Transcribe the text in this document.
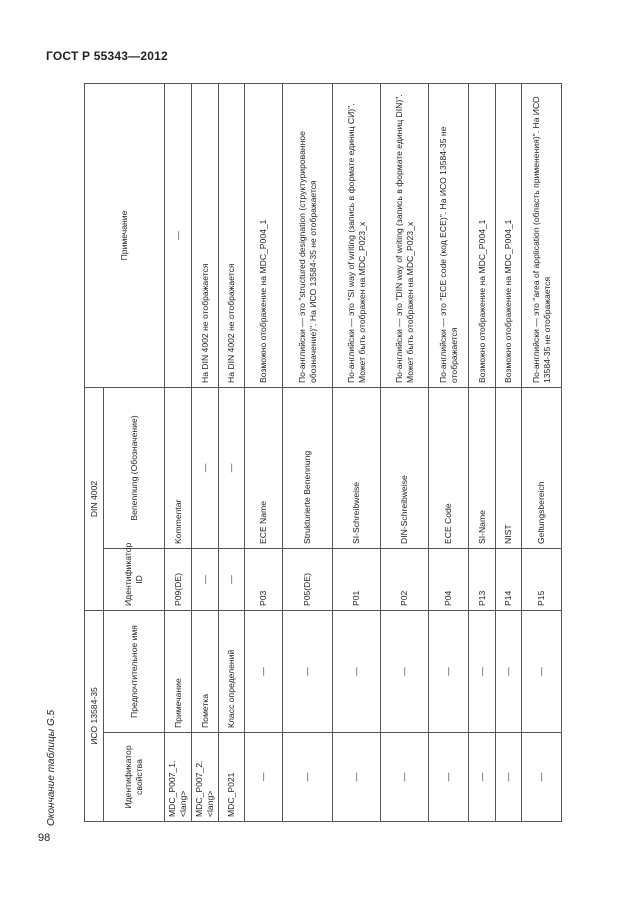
ГОСТ Р 55343—2012
Окончание таблицы G.5
98
ИСО 13584-35		DIN 4002		Примечание
Идентификатор свойства	Предпочтительное имя	Идентификатор ID	Benennung (Обозначение)	
MDC_P007_1.<lang>	Примечание	P09(DE)	Kommentar	—
MDC_P007_2.<lang>	Пометка	—	—	На DIN 4002 не отображается
MDC_P021	Класс определений	—	—	На DIN 4002 не отображается
—	—	P03	ECE Name	Возможно отображение на MDC_P004_1
—	—	P05(DE)	Strukturierte Benennung	По-английски — это "structured designation (структурированное обозначение)". На ИСО 13584-35 не отображается
—	—	P01	SI-Schreibweise	По-английски — это "SI way of writing (запись в формате единиц СИ)". Может быть отображен на MDC_P023_x
—	—	P02	DIN-Schreibweise	По-английски — это "DIN way of writing (запись в формате единиц DIN)". Может быть отображен на MDC_P023_x
—	—	P04	ECE Code	По-английски — это "ECE code (код ECE)". На ИСО 13584-35 не отображается
—	—	P13	SI-Name	Возможно отображение на MDC_P004_1
—	—	P14	NIST	Возможно отображение на MDC_P004_1
—	—	P15	Geltungsbereich	По-английски — это "area of application (область применения)". На ИСО 13584-35 не отображается
